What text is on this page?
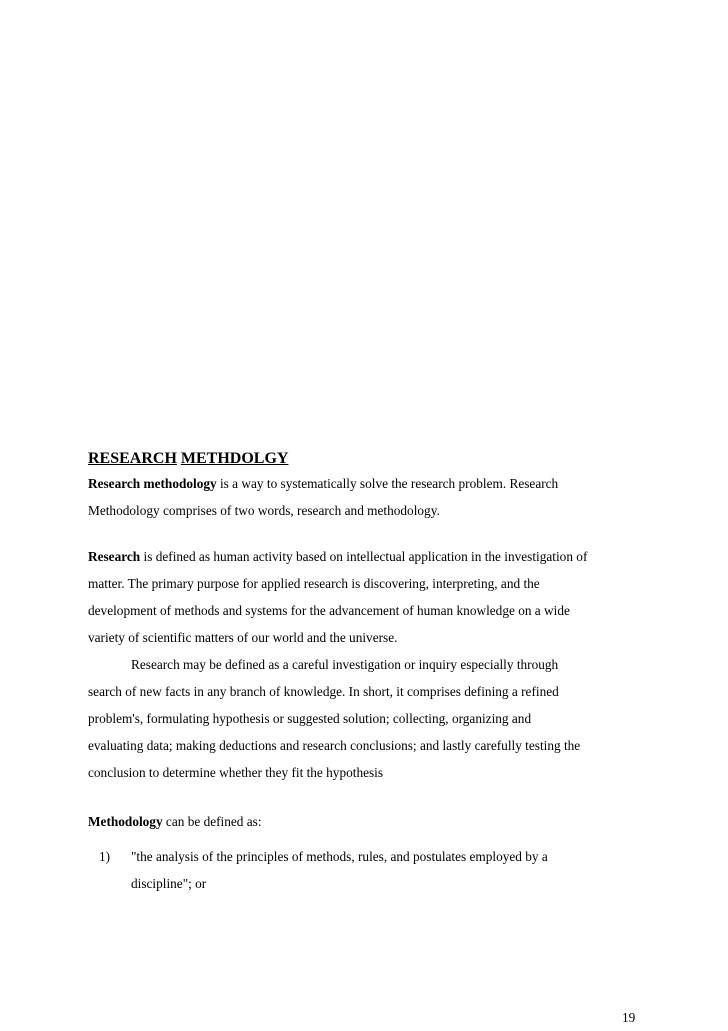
RESEARCH METHDOLGY

Research methodology is a way to systematically solve the research problem. Research

Methodology comprises of two words, research and methodology.

Research is defined as human activity based on intellectual application in the investigation of

matter. The primary purpose for applied research is discovering, interpreting, and the

development of methods and systems for the advancement of human knowledge on a wide

variety of scientific matters of our world and the universe.

Research may be defined as a careful investigation or inquiry especially through

search of new facts in any branch of knowledge. In short, it comprises defining a refined

problem's, formulating hypothesis or suggested solution; collecting, organizing and

evaluating data; making deductions and research conclusions; and lastly carefully testing the

conclusion to determine whether they fit the hypothesis

Methodology can be defined as:

1) "the analysis of the principles of methods, rules, and postulates employed by a

discipline"; or

19
